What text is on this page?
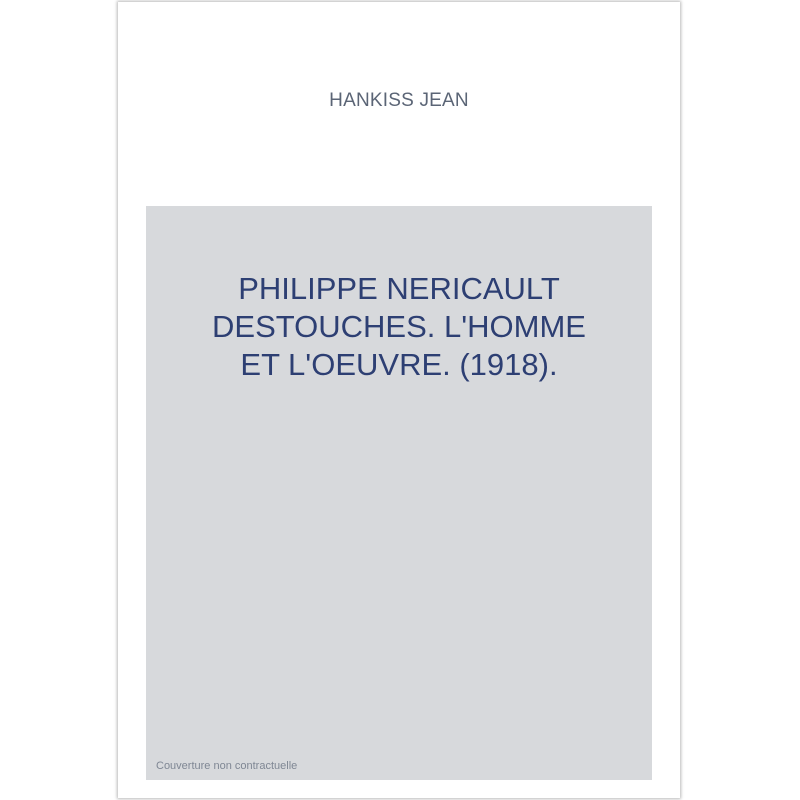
HANKISS JEAN
PHILIPPE NERICAULT
DESTOUCHES. L'HOMME
ET L'OEUVRE. (1918).
Couverture non contractuelle
